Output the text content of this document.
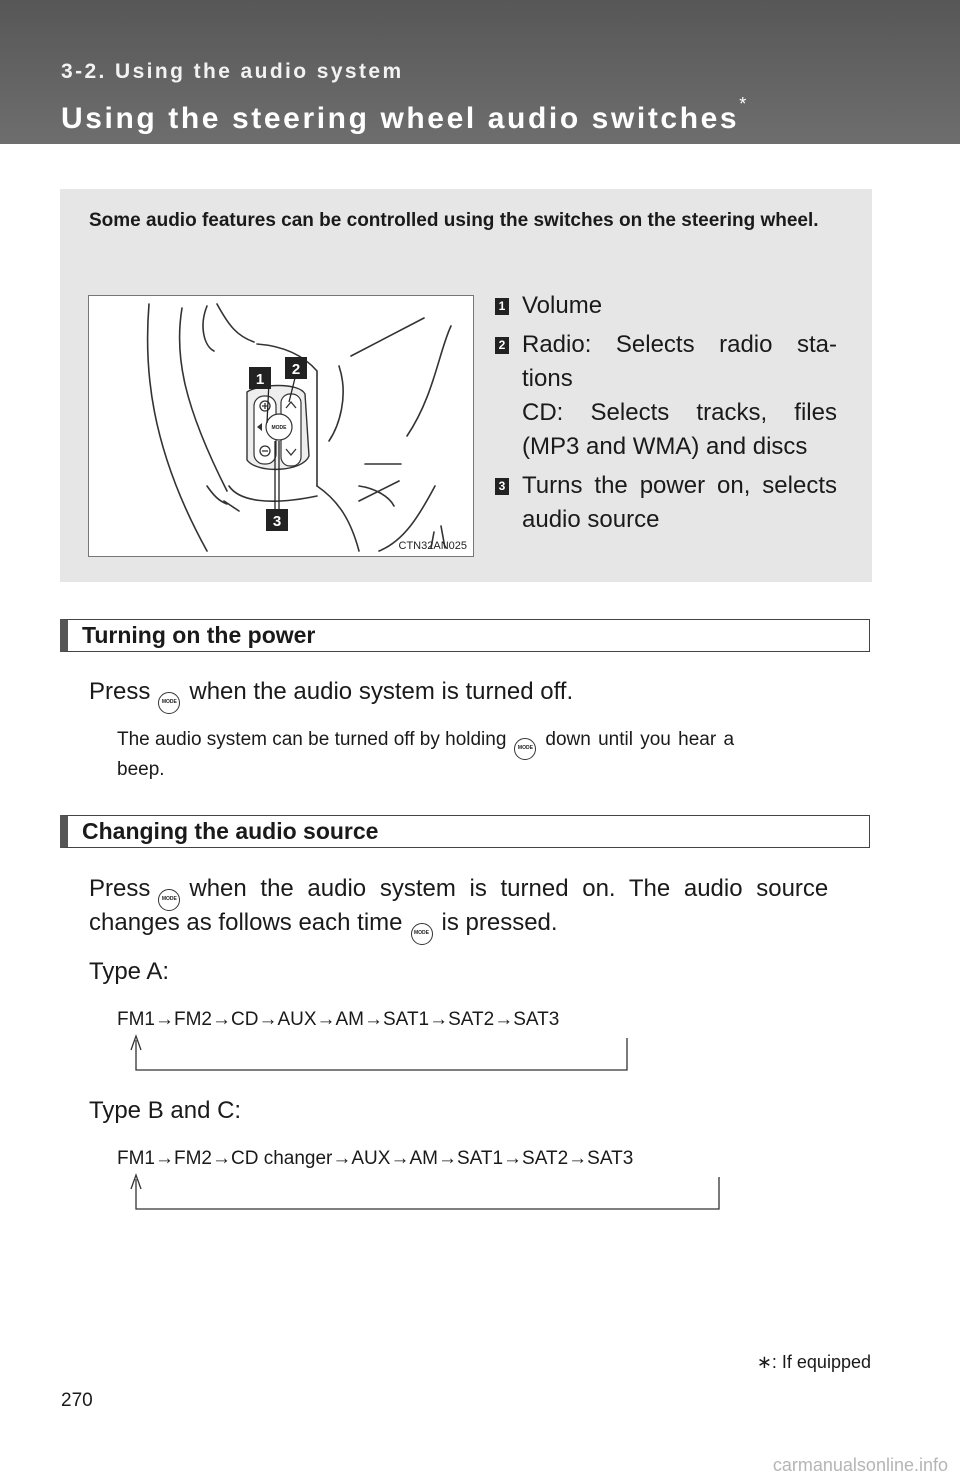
3-2. Using the audio system

Using the steering wheel audio switches*

Some audio features can be controlled using the switches on the steering wheel.

MODE
1
2
3
CTN32AN025
1 Volume
2 Radio: Selects radio sta-
tions
CD: Selects tracks, files
(MP3 and WMA) and discs
3 Turns the power on, selects
audio source
Turning on the power

Press MODE when the audio system is turned off.

The audio system can be turned off by holding MODE down until you hear a

beep.

Changing the audio source

Press MODE when the audio system is turned on. The audio source

changes as follows each time MODE is pressed.

Type A:

FM1→FM2→CD→AUX→AM→SAT1→SAT2→SAT3

Type B and C:

FM1→FM2→CD changer→AUX→AM→SAT1→SAT2→SAT3

∗: If equipped

270

carmanualsonline.info
